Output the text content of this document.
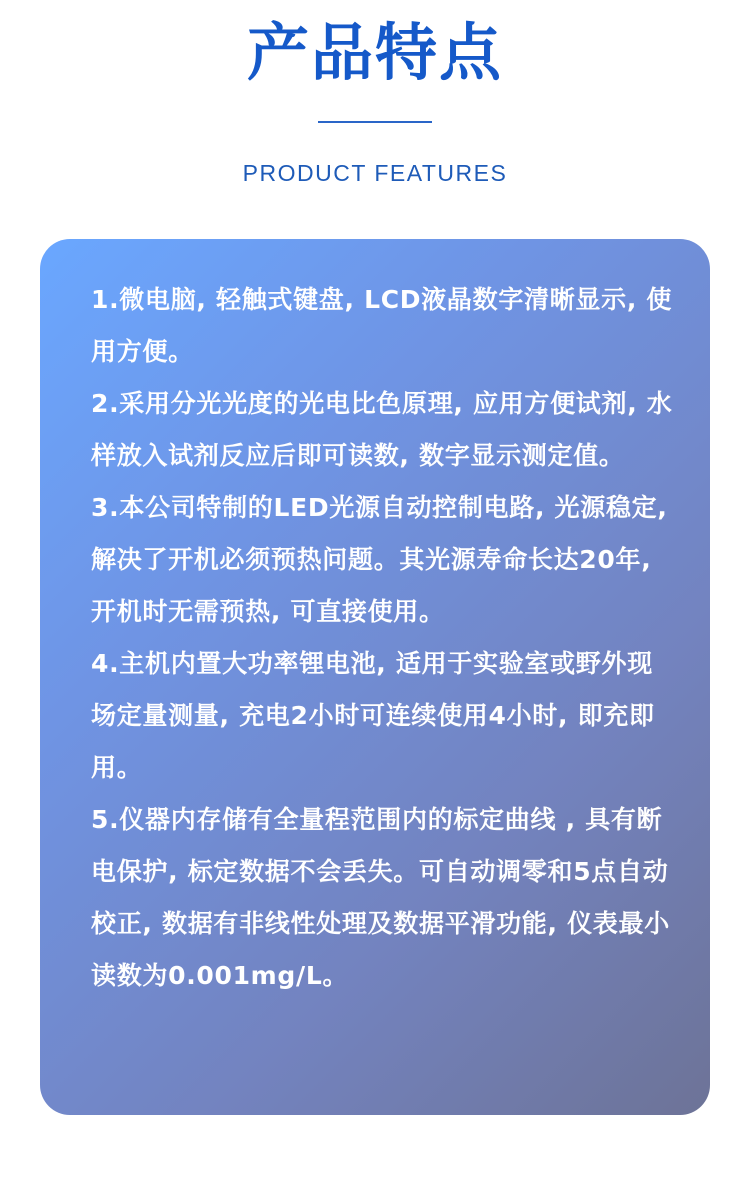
产品特点
PRODUCT FEATURES

1.微电脑, 轻触式键盘, LCD液晶数字清晰显示, 使用方便。

2.采用分光光度的光电比色原理, 应用方便试剂, 水样放入试剂反应后即可读数, 数字显示测定值。

3.本公司特制的LED光源自动控制电路, 光源稳定, 解决了开机必须预热问题。其光源寿命长达20年, 开机时无需预热, 可直接使用。

4.主机内置大功率锂电池, 适用于实验室或野外现场定量测量, 充电2小时可连续使用4小时, 即充即用。

5.仪器内存储有全量程范围内的标定曲线 , 具有断电保护, 标定数据不会丢失。可自动调零和5点自动校正, 数据有非线性处理及数据平滑功能, 仪表最小读数为0.001mg/L。
